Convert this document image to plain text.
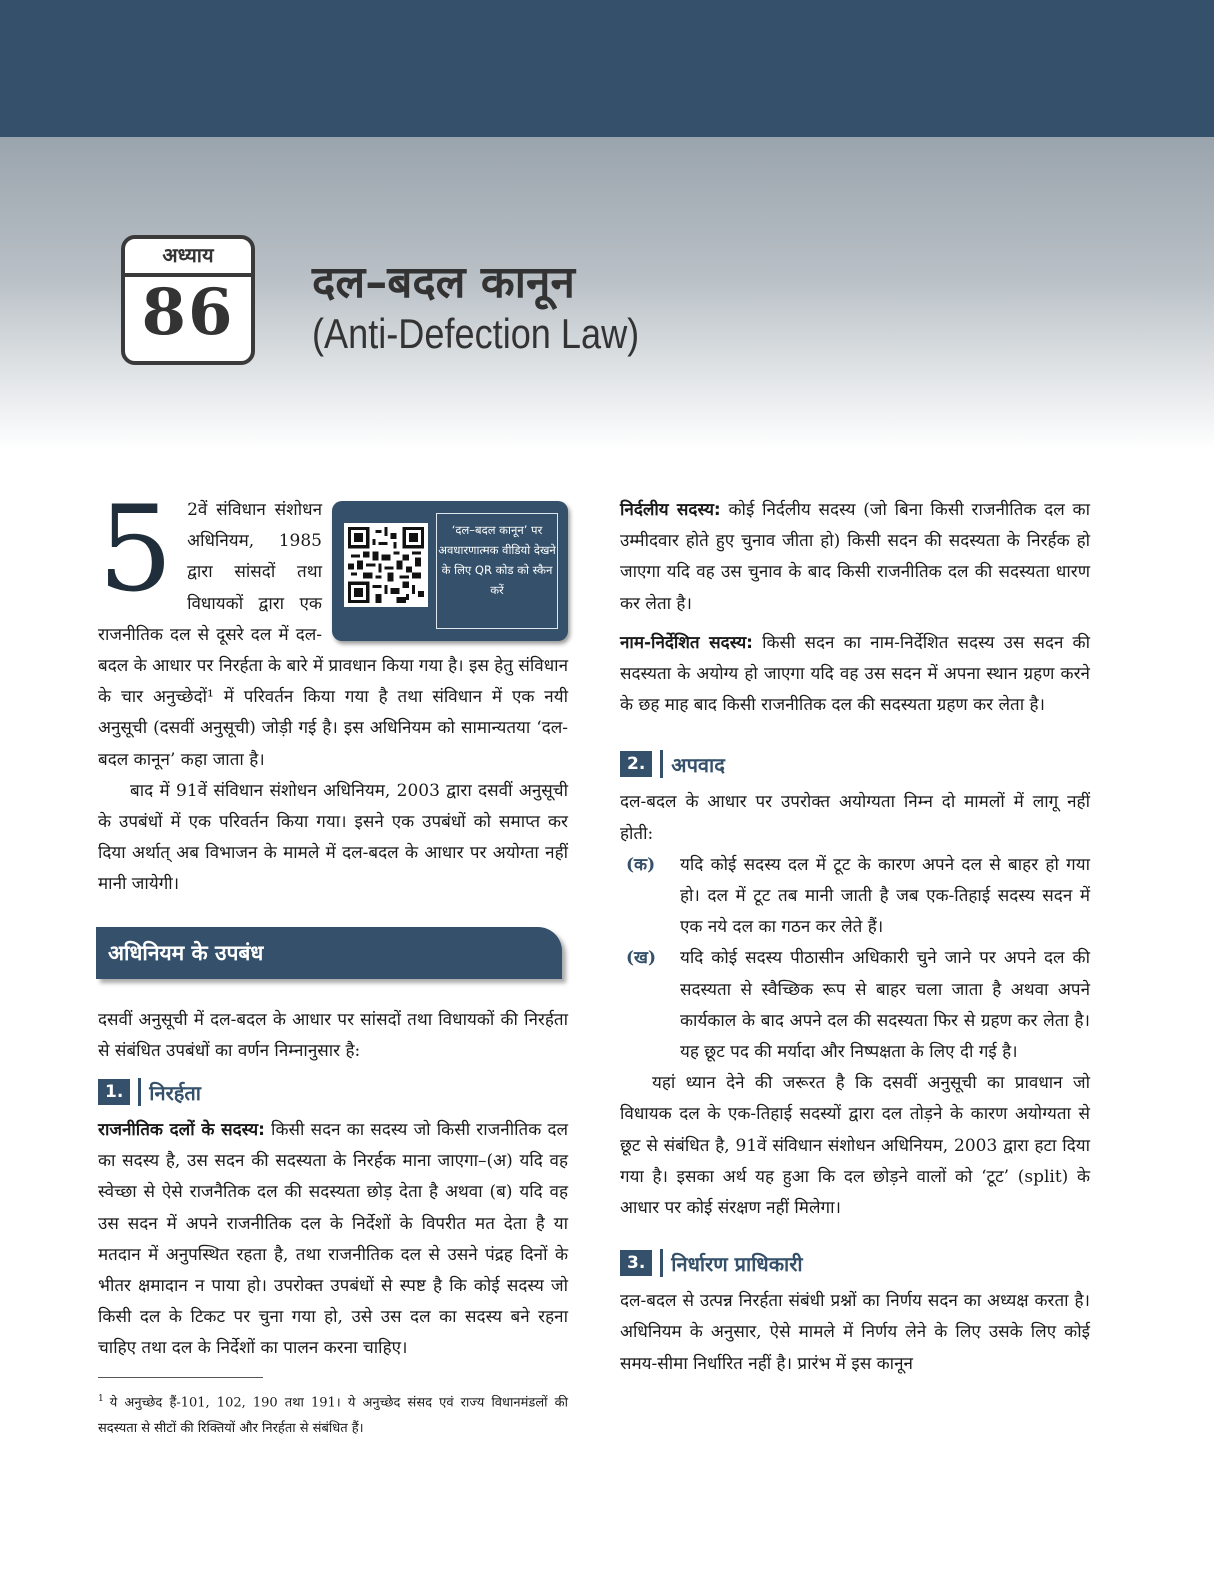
अध्याय
86	दल–बदल कानून
(Anti-Defection Law)
5	‘दल–बदल कानून’ पर अवधारणात्मक वीडियो देखने के लिए QR कोड को स्कैन करें

2वें संविधान संशोधन अधिनियम, 1985 द्वारा सांसदों तथा विधायकों द्वारा एक राजनीतिक दल से दूसरे दल में दल-बदल के आधार पर निरर्हता के बारे में प्रावधान किया गया है। इस हेतु संविधान के चार अनुच्छेदों¹ में परिवर्तन किया गया है तथा संविधान में एक नयी अनुसूची (दसवीं अनुसूची) जोड़ी गई है। इस अधिनियम को सामान्यतया ‘दल-बदल कानून’ कहा जाता है।

बाद में 91वें संविधान संशोधन अधिनियम, 2003 द्वारा दसवीं अनुसूची के उपबंधों में एक परिवर्तन किया गया। इसने एक उपबंधों को समाप्त कर दिया अर्थात् अब विभाजन के मामले में दल-बदल के आधार पर अयोग्ता नहीं मानी जायेगी।

अधिनियम के उपबंध

दसवीं अनुसूची में दल-बदल के आधार पर सांसदों तथा विधायकों की निरर्हता से संबंधित उपबंधों का वर्णन निम्नानुसार है:

1.	निरर्हता

राजनीतिक दलों के सदस्य: किसी सदन का सदस्य जो किसी राजनीतिक दल का सदस्य है, उस सदन की सदस्यता के निरर्हक माना जाएगा–(अ) यदि वह स्वेच्छा से ऐसे राजनैतिक दल की सदस्यता छोड़ देता है अथवा (ब) यदि वह उस सदन में अपने राजनीतिक दल के निर्देशों के विपरीत मत देता है या मतदान में अनुपस्थित रहता है, तथा राजनीतिक दल से उसने पंद्रह दिनों के भीतर क्षमादान न पाया हो। उपरोक्त उपबंधों से स्पष्ट है कि कोई सदस्य जो किसी दल के टिकट पर चुना गया हो, उसे उस दल का सदस्य बने रहना चाहिए तथा दल के निर्देशों का पालन करना चाहिए।

$^1$ ये अनुच्छेद हैं-101, 102, 190 तथा 191। ये अनुच्छेद संसद एवं राज्य विधानमंडलों की सदस्यता से सीटों की रिक्तियों और निरर्हता से संबंधित हैं।

निर्दलीय सदस्य: कोई निर्दलीय सदस्य (जो बिना किसी राजनीतिक दल का उम्मीदवार होते हुए चुनाव जीता हो) किसी सदन की सदस्यता के निरर्हक हो जाएगा यदि वह उस चुनाव के बाद किसी राजनीतिक दल की सदस्यता धारण कर लेता है।

नाम-निर्देशित सदस्य: किसी सदन का नाम-निर्देशित सदस्य उस सदन की सदस्यता के अयोग्य हो जाएगा यदि वह उस सदन में अपना स्थान ग्रहण करने के छह माह बाद किसी राजनीतिक दल की सदस्यता ग्रहण कर लेता है।

2.	अपवाद

दल-बदल के आधार पर उपरोक्त अयोग्यता निम्न दो मामलों में लागू नहीं होती:

(क)	यदि कोई सदस्य दल में टूट के कारण अपने दल से बाहर हो गया हो। दल में टूट तब मानी जाती है जब एक-तिहाई सदस्य सदन में एक नये दल का गठन कर लेते हैं।
(ख)	यदि कोई सदस्य पीठासीन अधिकारी चुने जाने पर अपने दल की सदस्यता से स्वैच्छिक रूप से बाहर चला जाता है अथवा अपने कार्यकाल के बाद अपने दल की सदस्यता फिर से ग्रहण कर लेता है। यह छूट पद की मर्यादा और निष्पक्षता के लिए दी गई है।

यहां ध्यान देने की जरूरत है कि दसवीं अनुसूची का प्रावधान जो विधायक दल के एक-तिहाई सदस्यों द्वारा दल तोड़ने के कारण अयोग्यता से छूट से संबंधित है, 91वें संविधान संशोधन अधिनियम, 2003 द्वारा हटा दिया गया है। इसका अर्थ यह हुआ कि दल छोड़ने वालों को ‘टूट’ (split) के आधार पर कोई संरक्षण नहीं मिलेगा।

3.	निर्धारण प्राधिकारी

दल-बदल से उत्पन्न निरर्हता संबंधी प्रश्नों का निर्णय सदन का अध्यक्ष करता है। अधिनियम के अनुसार, ऐसे मामले में निर्णय लेने के लिए उसके लिए कोई समय-सीमा निर्धारित नहीं है। प्रारंभ में इस कानून
